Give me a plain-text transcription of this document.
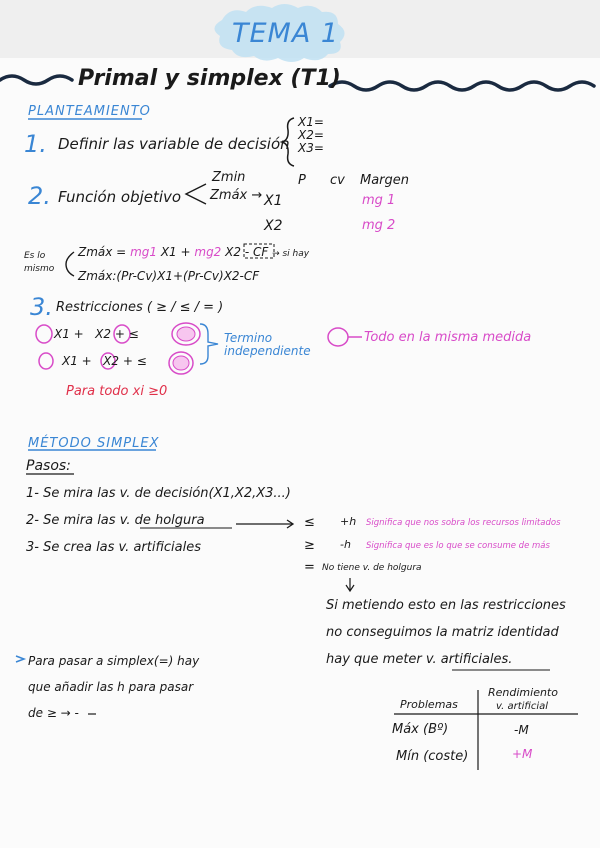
TEMA 1
Primal y simplex (T1)
PLANTEAMIENTO
1. Definir las variable de decisión
X1=
X2=
X3=
2. Función objetivo
Zmin
Zmáx →
P cv Margen
X1
X2
mg 1
mg 2
Es lo
mismo
Zmáx = mg1 X1 + mg2 X2 - CF → si hay
Zmáx:(Pr-Cv)X1+(Pr-Cv)X2-CF
3. Restricciones ( ≥ / ≤ / = )
X1 +   X2 + ≤
X1 +   X2 + ≤
Termino
independiente
Todo en la misma medida
Para todo xi ≥0
MÉTODO SIMPLEX
Pasos:
1- Se mira las v. de decisión(X1,X2,X3...)
2- Se mira las v. de holgura
3- Se crea las v. artificiales
≤
≥
=
+h
-h
Significa que nos sobra los recursos limitados
Significa que es lo que se consume de más
No tiene v. de holgura
Para pasar a simplex(=) hay
que añadir las h para pasar
de ≥ → -
Si metiendo esto en las restricciones
no conseguimos la matriz identidad
hay que meter v. artificiales.
Problemas
Rendimiento
v. artificial
Máx (Bº)	-M
Mín (coste)	+M
